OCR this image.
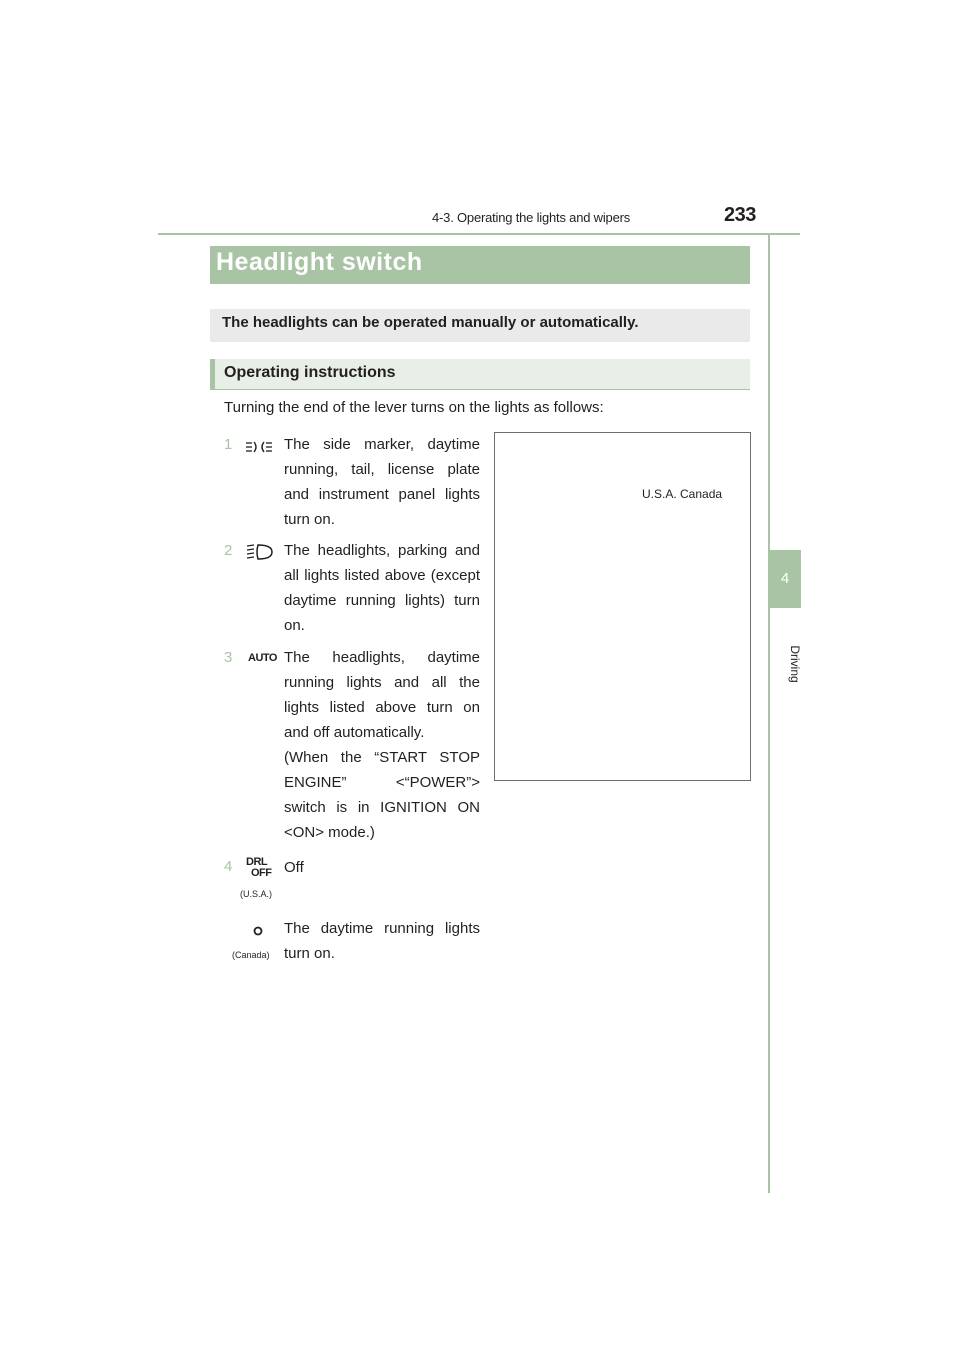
4-3. Operating the lights and wipers	233
4
Driving
Headlight switch
The headlights can be operated manually or automatically.
Operating instructions
Turning the end of the lever turns on the lights as follows:
1	The side marker, daytime running, tail, license plate and instrument panel lights turn on.
2	The headlights, parking and all lights listed above (except daytime running lights) turn on.
3 AUTO The headlights, daytime running lights and all the lights listed above turn on and off automatically.
(When the “START STOP ENGINE” <“POWER”> switch is in IGNITION ON <ON> mode.)
4 DRL
OFF
(U.S.A.)
Off
(Canada)
The daytime running lights turn on.
U.S.A. Canada
